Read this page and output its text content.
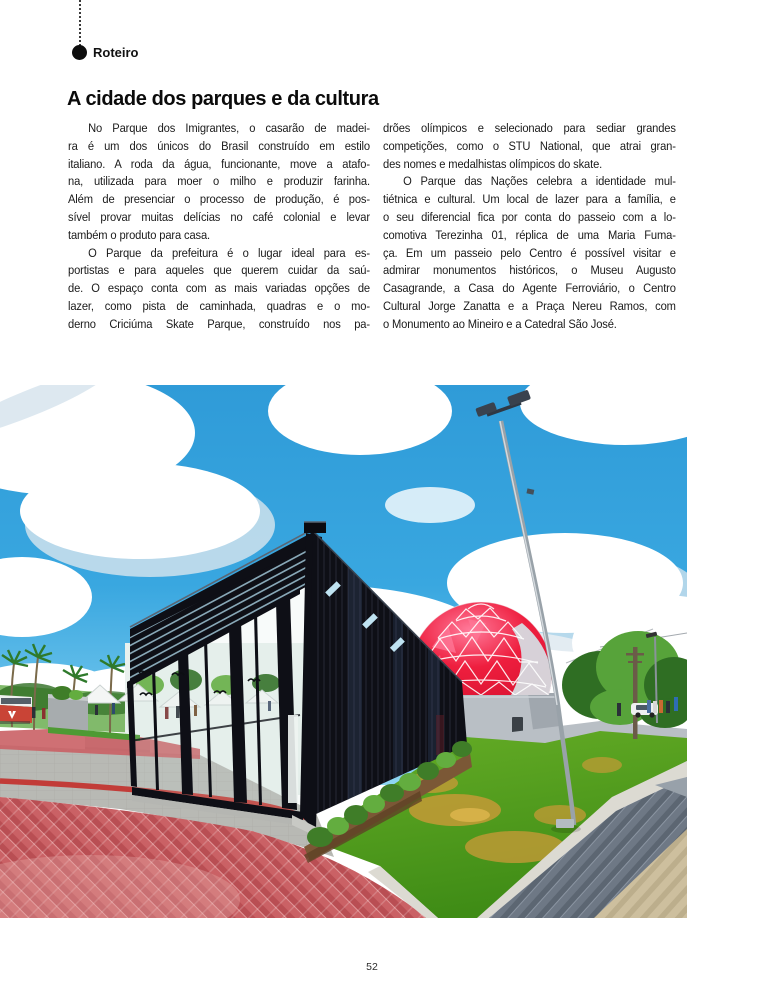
Roteiro
A cidade dos parques e da cultura
No Parque dos Imigrantes, o casarão de madei-
ra é um dos únicos do Brasil construído em estilo
italiano. A roda da água, funcionante, move a atafo-
na, utilizada para moer o milho e produzir farinha.
Além de presenciar o processo de produção, é pos-
sível provar muitas delícias no café colonial e levar
também o produto para casa.
O Parque da prefeitura é o lugar ideal para es-
portistas e para aqueles que querem cuidar da saú-
de. O espaço conta com as mais variadas opções de
lazer, como pista de caminhada, quadras e o mo-
derno Criciúma Skate Parque, construído nos pa-
drões olímpicos e selecionado para sediar grandes
competições, como o STU National, que atrai gran-
des nomes e medalhistas olímpicos do skate.
O Parque das Nações celebra a identidade mul-
tiétnica e cultural. Um local de lazer para a família, e
o seu diferencial fica por conta do passeio com a lo-
comotiva Terezinha 01, réplica de uma Maria Fuma-
ça. Em um passeio pelo Centro é possível visitar e
admirar monumentos históricos, o Museu Augusto
Casagrande, a Casa do Agente Ferroviário, o Centro
Cultural Jorge Zanatta e a Praça Nereu Ramos, com
o Monumento ao Mineiro e a Catedral São José.
52
